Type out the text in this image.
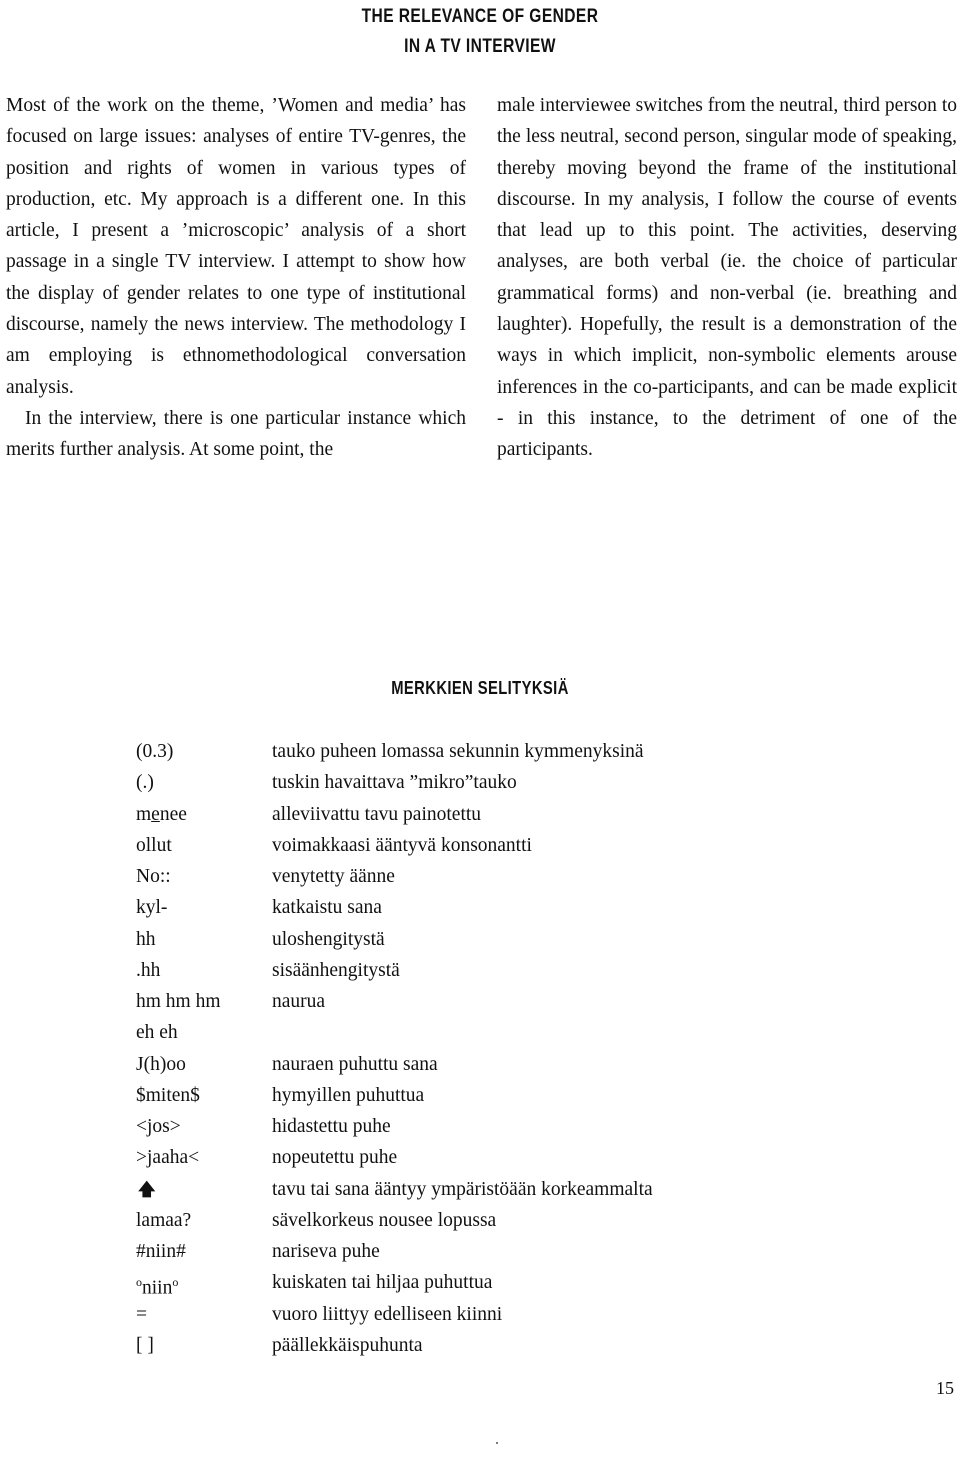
THE RELEVANCE OF GENDER
IN A TV INTERVIEW

Most of the work on the theme, ’Women and media’ has focused on large issues: analyses of entire TV-genres, the position and rights of women in various types of production, etc. My approach is a different one. In this article, I present a ’microscopic’ analysis of a short passage in a single TV interview. I attempt to show how the display of gender relates to one type of institutional discourse, namely the news interview. The methodology I am employing is ethnomethodological conversation analysis.

In the interview, there is one particular instance which merits further analysis. At some point, the

male interviewee switches from the neutral, third person to the less neutral, second person, singular mode of speaking, thereby moving beyond the frame of the institutional discourse. In my analysis, I follow the course of events that lead up to this point. The activities, deserving analyses, are both verbal (ie. the choice of particular grammatical forms) and non-verbal (ie. breathing and laughter). Hopefully, the result is a demonstration of the ways in which implicit, non-symbolic elements arouse inferences in the co-participants, and can be made explicit - in this instance, to the detriment of one of the participants.

MERKKIEN SELITYKSIÄ
(0.3)	tauko puheen lomassa sekunnin kymmenyksinä
(.)	tuskin havaittava ”mikro”tauko
menee	alleviivattu tavu painotettu
ollut	voimakkaasi ääntyvä konsonantti
No::	venytetty äänne
kyl-	katkaistu sana
hh	uloshengitystä
.hh	sisäänhengitystä
hm hm hm	naurua
eh eh
J(h)oo	nauraen puhuttu sana
$miten$	hymyillen puhuttua
<jos>	hidastettu puhe
>jaaha<	nopeutettu puhe
🡅	tavu tai sana ääntyy ympäristöään korkeammalta
lamaa?	sävelkorkeus nousee lopussa
#niin#	nariseva puhe
$^o$niin$^o$	kuiskaten tai hiljaa puhuttua
=	vuoro liittyy edelliseen kiinni
[ ]	päällekkäispuhunta
15
